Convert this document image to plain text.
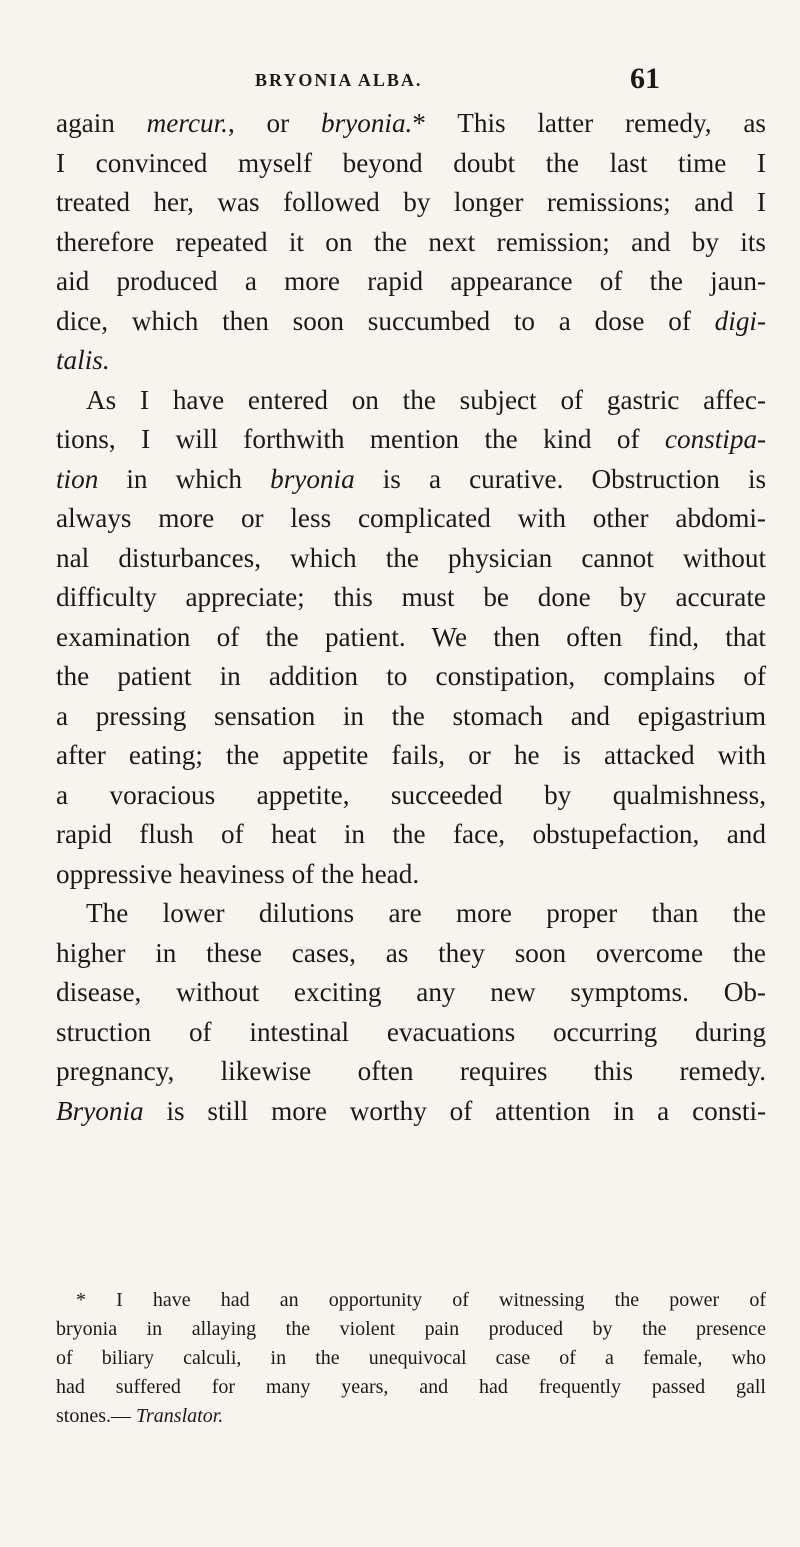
BRYONIA ALBA.	61
again mercur., or bryonia.* This latter remedy, as
I convinced myself beyond doubt the last time I
treated her, was followed by longer remissions; and I
therefore repeated it on the next remission; and by its
aid produced a more rapid appearance of the jaun-
dice, which then soon succumbed to a dose of digi-
talis.
As I have entered on the subject of gastric affec-
tions, I will forthwith mention the kind of constipa-
tion in which bryonia is a curative. Obstruction is
always more or less complicated with other abdomi-
nal disturbances, which the physician cannot without
difficulty appreciate; this must be done by accurate
examination of the patient. We then often find, that
the patient in addition to constipation, complains of
a pressing sensation in the stomach and epigastrium
after eating; the appetite fails, or he is attacked with
a voracious appetite, succeeded by qualmishness,
rapid flush of heat in the face, obstupefaction, and
oppressive heaviness of the head.
The lower dilutions are more proper than the
higher in these cases, as they soon overcome the
disease, without exciting any new symptoms. Ob-
struction of intestinal evacuations occurring during
pregnancy, likewise often requires this remedy.
Bryonia is still more worthy of attention in a consti-
* I have had an opportunity of witnessing the power of
bryonia in allaying the violent pain produced by the presence
of biliary calculi, in the unequivocal case of a female, who
had suffered for many years, and had frequently passed gall
stones.— Translator.
